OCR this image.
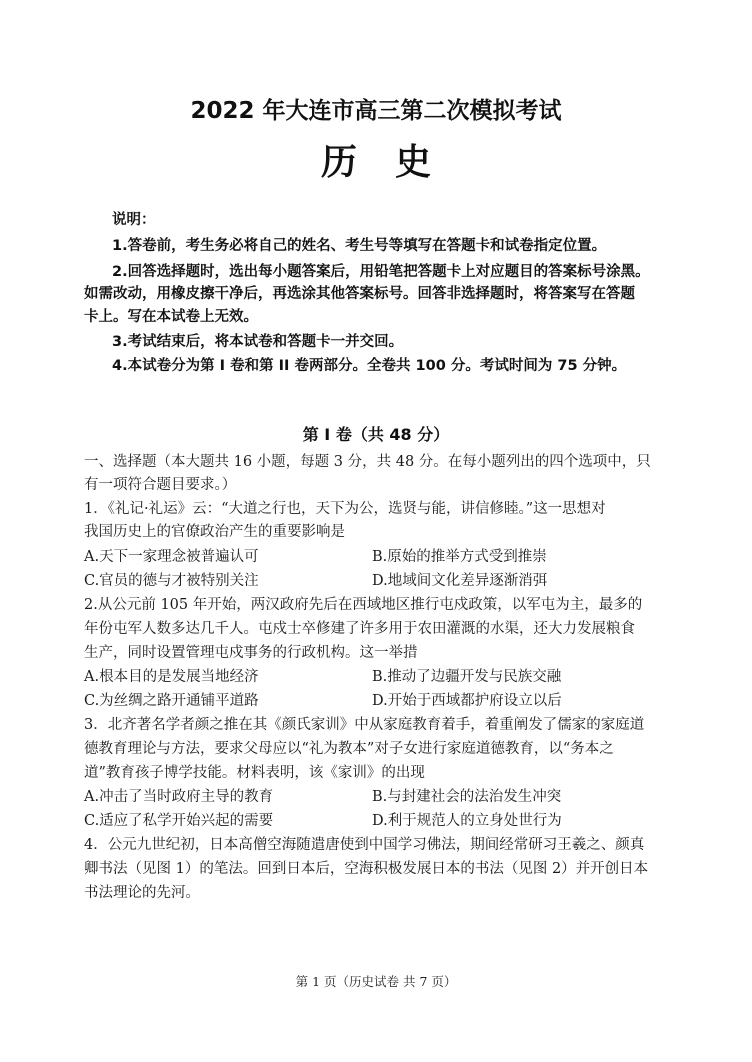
2022 年大连市高三第二次模拟考试
历史
说明：
1.答卷前，考生务必将自己的姓名、考生号等填写在答题卡和试卷指定位置。
2.回答选择题时，选出每小题答案后，用铅笔把答题卡上对应题目的答案标号涂黑。
如需改动，用橡皮擦干净后，再选涂其他答案标号。回答非选择题时，将答案写在答题
卡上。写在本试卷上无效。
3.考试结束后，将本试卷和答题卡一并交回。
4.本试卷分为第 I 卷和第 II 卷两部分。全卷共 100 分。考试时间为 75 分钟。
第 I 卷（共 48 分）
一、选择题（本大题共 16 小题，每题 3 分，共 48 分。在每小题列出的四个选项中，只
有一项符合题目要求。）
1．《礼记·礼运》云：“大道之行也，天下为公，选贤与能，讲信修睦。”这一思想对
我国历史上的官僚政治产生的重要影响是
A.天下一家理念被普遍认可	B.原始的推举方式受到推崇
C.官员的德与才被特别关注	D.地域间文化差异逐渐消弭
2.从公元前 105 年开始，两汉政府先后在西域地区推行屯戍政策，以军屯为主，最多的
年份屯军人数多达几千人。屯戍士卒修建了许多用于农田灌溉的水渠，还大力发展粮食
生产，同时设置管理屯戍事务的行政机构。这一举措
A.根本目的是发展当地经济	B.推动了边疆开发与民族交融
C.为丝绸之路开通铺平道路	D.开始于西域都护府设立以后
3．北齐著名学者颜之推在其《颜氏家训》中从家庭教育着手，着重阐发了儒家的家庭道
德教育理论与方法，要求父母应以“礼为教本”对子女进行家庭道德教育，以“务本之
道”教育孩子博学技能。材料表明，该《家训》的出现
A.冲击了当时政府主导的教育	B.与封建社会的法治发生冲突
C.适应了私学开始兴起的需要	D.利于规范人的立身处世行为
4．公元九世纪初，日本高僧空海随遣唐使到中国学习佛法，期间经常研习王羲之、颜真
卿书法（见图 1）的笔法。回到日本后，空海积极发展日本的书法（见图 2）并开创日本
书法理论的先河。
第 1 页（历史试卷 共 7 页）
